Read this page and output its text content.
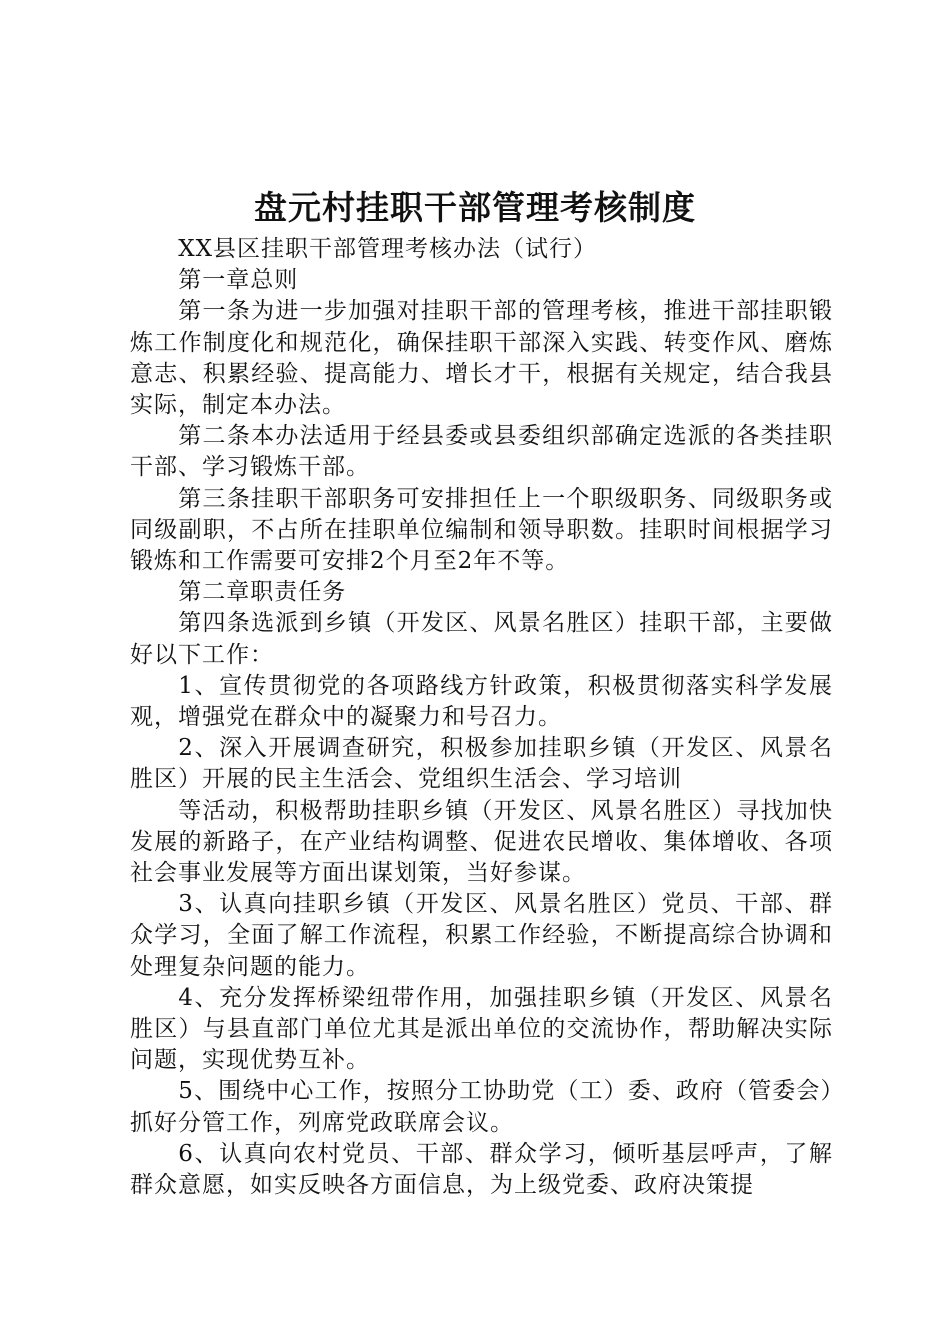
盘元村挂职干部管理考核制度

XX县区挂职干部管理考核办法（试行）

第一章总则

第一条为进一步加强对挂职干部的管理考核，推进干部挂职锻炼工作制度化和规范化，确保挂职干部深入实践、转变作风、磨炼意志、积累经验、提高能力、增长才干，根据有关规定，结合我县实际，制定本办法。

第二条本办法适用于经县委或县委组织部确定选派的各类挂职干部、学习锻炼干部。

第三条挂职干部职务可安排担任上一个职级职务、同级职务或同级副职，不占所在挂职单位编制和领导职数。挂职时间根据学习锻炼和工作需要可安排2个月至2年不等。

第二章职责任务

第四条选派到乡镇（开发区、风景名胜区）挂职干部，主要做好以下工作：

1、宣传贯彻党的各项路线方针政策，积极贯彻落实科学发展观，增强党在群众中的凝聚力和号召力。

2、深入开展调查研究，积极参加挂职乡镇（开发区、风景名胜区）开展的民主生活会、党组织生活会、学习培训

等活动，积极帮助挂职乡镇（开发区、风景名胜区）寻找加快发展的新路子，在产业结构调整、促进农民增收、集体增收、各项社会事业发展等方面出谋划策，当好参谋。

3、认真向挂职乡镇（开发区、风景名胜区）党员、干部、群众学习，全面了解工作流程，积累工作经验，不断提高综合协调和处理复杂问题的能力。

4、充分发挥桥梁纽带作用，加强挂职乡镇（开发区、风景名胜区）与县直部门单位尤其是派出单位的交流协作，帮助解决实际问题，实现优势互补。

5、围绕中心工作，按照分工协助党（工）委、政府（管委会）抓好分管工作，列席党政联席会议。

6、认真向农村党员、干部、群众学习，倾听基层呼声，了解群众意愿，如实反映各方面信息，为上级党委、政府决策提
